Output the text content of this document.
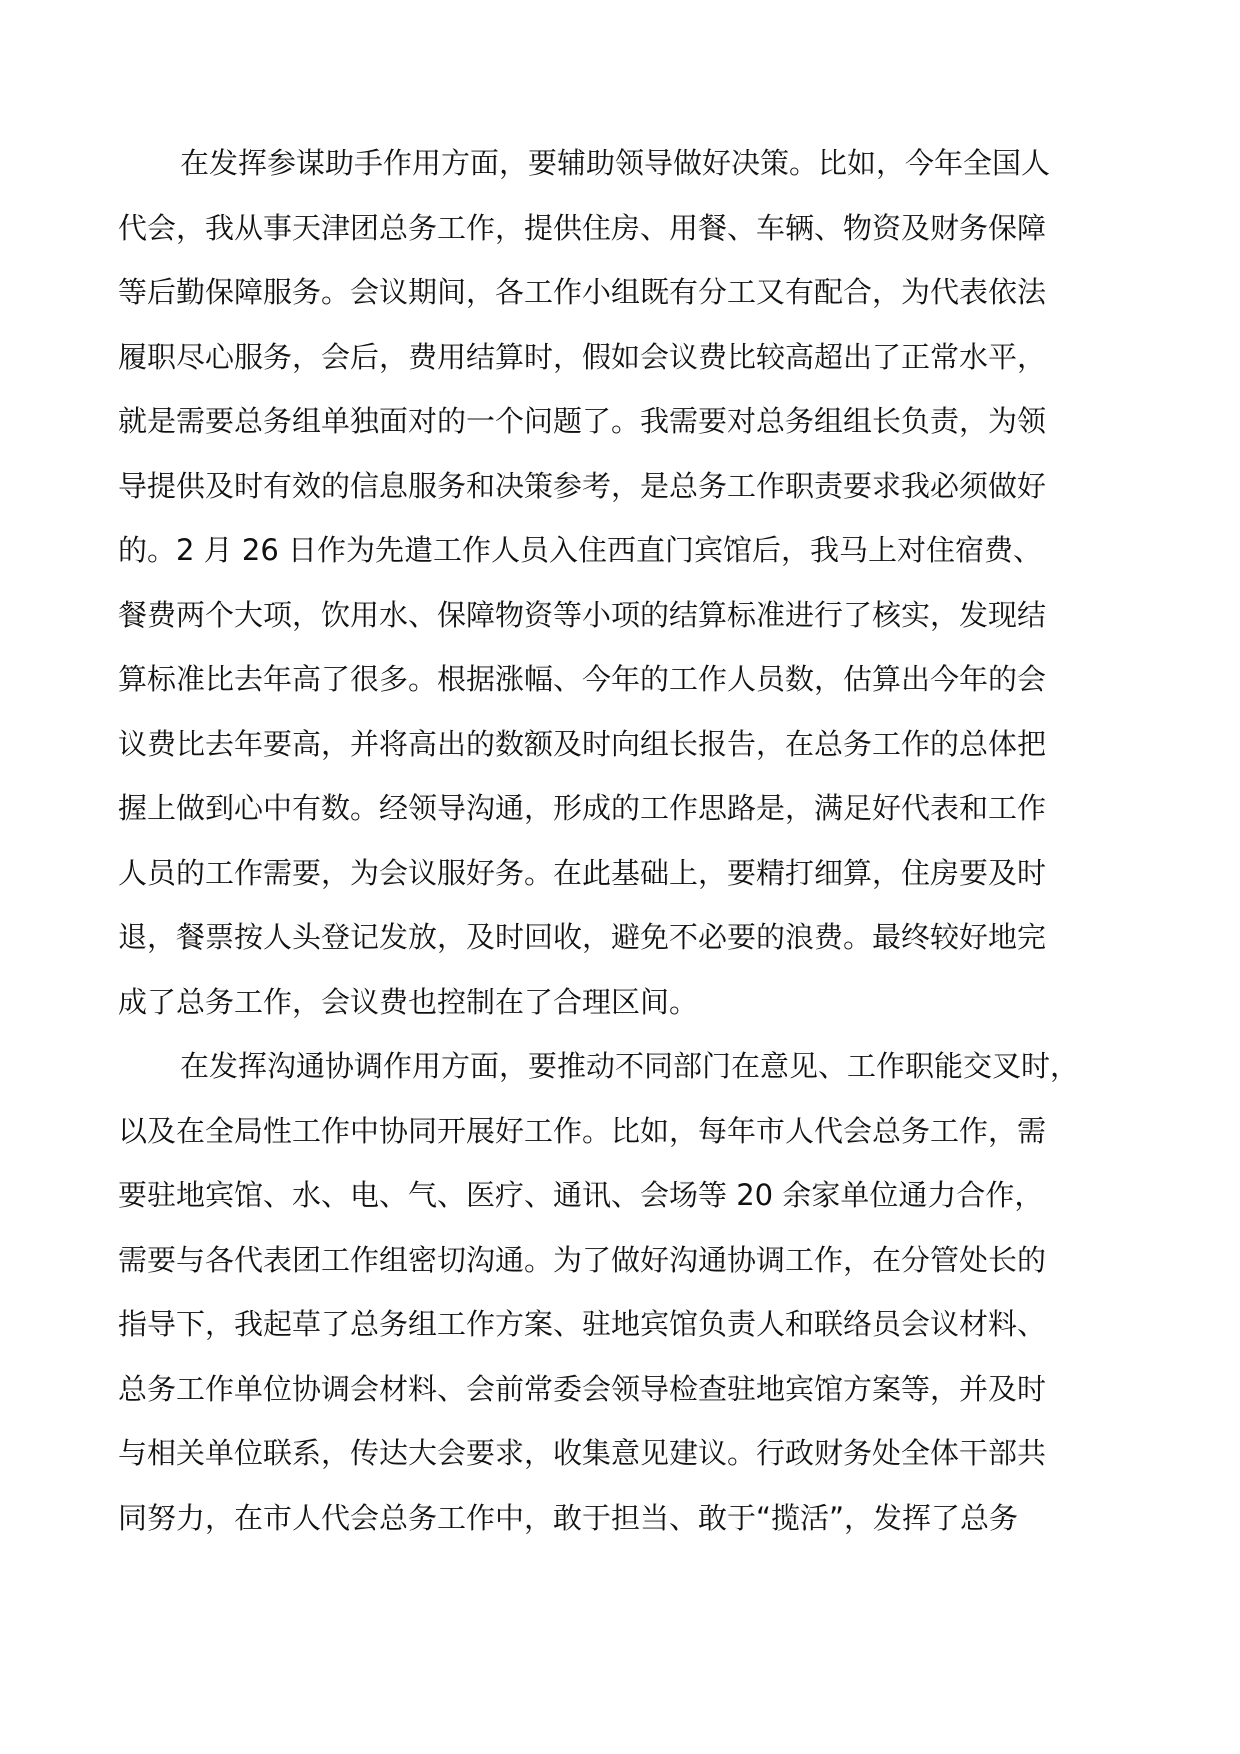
在发挥参谋助手作用方面，要辅助领导做好决策。比如，今年全国人
代会，我从事天津团总务工作，提供住房、用餐、车辆、物资及财务保障
等后勤保障服务。会议期间，各工作小组既有分工又有配合，为代表依法
履职尽心服务，会后，费用结算时，假如会议费比较高超出了正常水平，
就是需要总务组单独面对的一个问题了。我需要对总务组组长负责，为领
导提供及时有效的信息服务和决策参考，是总务工作职责要求我必须做好
的。2 月 26 日作为先遣工作人员入住西直门宾馆后，我马上对住宿费、
餐费两个大项，饮用水、保障物资等小项的结算标准进行了核实，发现结
算标准比去年高了很多。根据涨幅、今年的工作人员数，估算出今年的会
议费比去年要高，并将高出的数额及时向组长报告，在总务工作的总体把
握上做到心中有数。经领导沟通，形成的工作思路是，满足好代表和工作
人员的工作需要，为会议服好务。在此基础上，要精打细算，住房要及时
退，餐票按人头登记发放，及时回收，避免不必要的浪费。最终较好地完
成了总务工作，会议费也控制在了合理区间。
在发挥沟通协调作用方面，要推动不同部门在意见、工作职能交叉时，
以及在全局性工作中协同开展好工作。比如，每年市人代会总务工作，需
要驻地宾馆、水、电、气、医疗、通讯、会场等 20 余家单位通力合作，
需要与各代表团工作组密切沟通。为了做好沟通协调工作，在分管处长的
指导下，我起草了总务组工作方案、驻地宾馆负责人和联络员会议材料、
总务工作单位协调会材料、会前常委会领导检查驻地宾馆方案等，并及时
与相关单位联系，传达大会要求，收集意见建议。行政财务处全体干部共
同努力，在市人代会总务工作中，敢于担当、敢于“揽活”，发挥了总务
